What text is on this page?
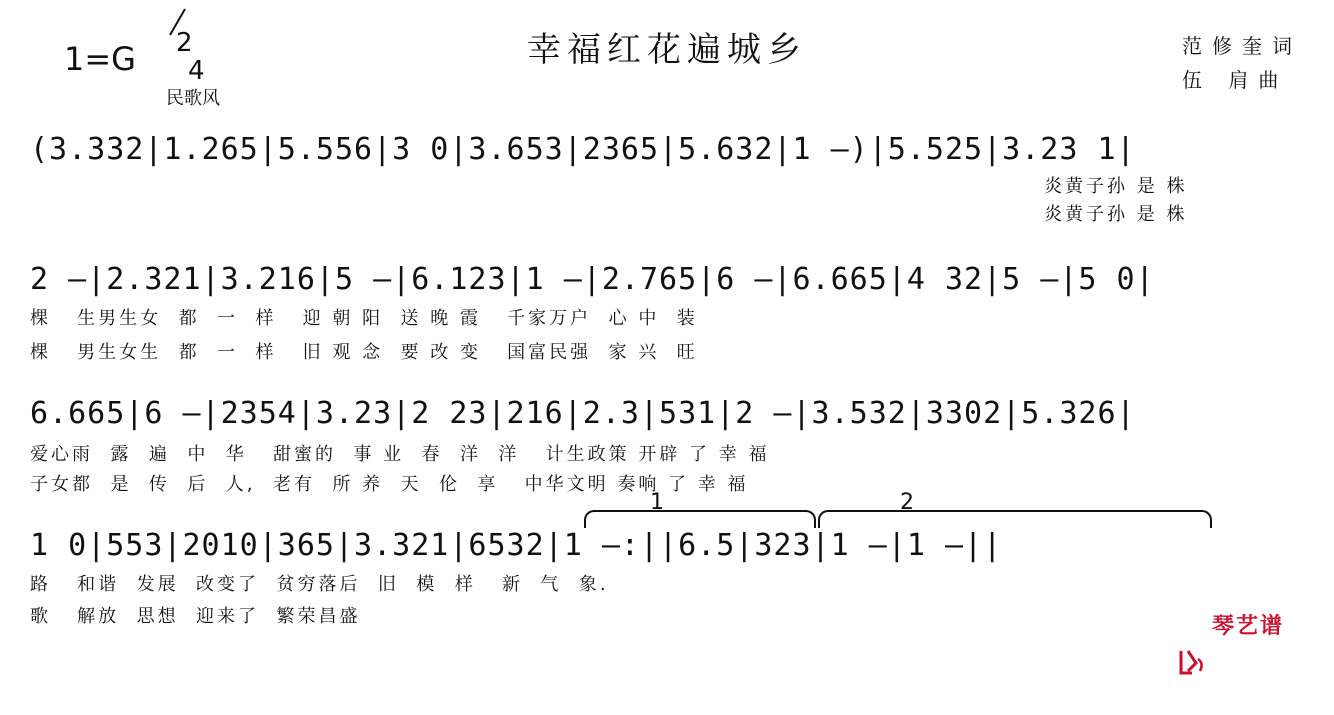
1=G 2
4
民歌风
幸福红花遍城乡	范修奎词
伍 肩曲
(3.332|1.265|5.556|3 0|3.653|2365|5.632|1 —)|5.525|3.23 1|
炎黄子孙 是 株
炎黄子孙 是 株
2 —|2.321|3.216|5 —|6.123|1 —|2.765|6 —|6.665|4 32|5 —|5 0|
棵   生男生女  都  一  样   迎 朝 阳  送 晚 霞   千家万户  心 中  装
棵   男生女生  都  一  样   旧 观 念  要 改 变   国富民强  家 兴  旺
6.665|6 —|2354|3.23|2 23|216|2.3|531|2 —|3.532|3302|5.326|
爱心雨  露  遍  中  华   甜蜜的  事 业  春  洋  洋   计生政策 开辟 了 幸 福
子女都  是  传  后  人,  老有  所 养  天  伦  享   中华文明 奏响 了 幸 福
1	2
1 0|553|2010|365|3.321|6532|1 —:||6.5|323|1 —|1 —||
路   和谐  发展  改变了  贫穷落后  旧  模  样   新  气  象.
歌   解放  思想  迎来了  繁荣昌盛

	琴艺谱
